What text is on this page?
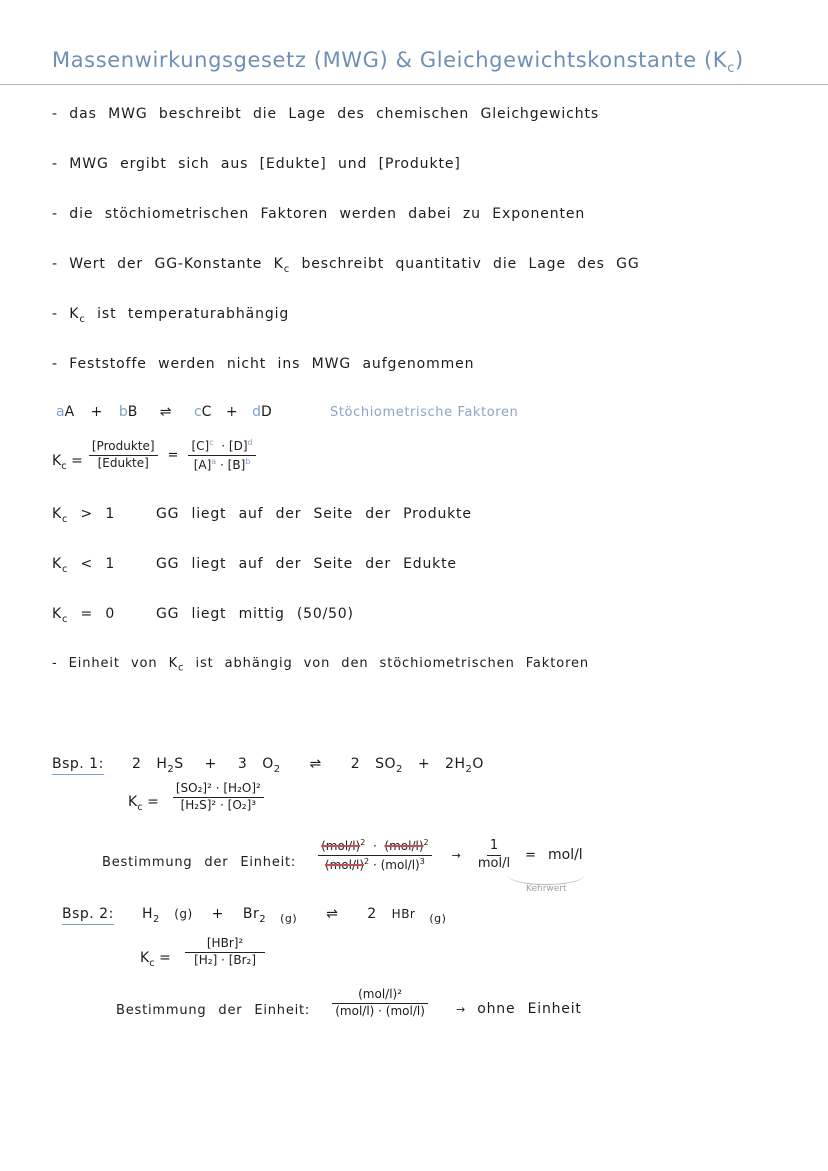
Massenwirkungsgesetz (MWG) & Gleichgewichtskonstante $(K_c)$
- das MWG beschreibt die Lage des chemischen Gleichgewichts
- MWG ergibt sich aus [Edukte] und [Produkte]
- die stöchiometrischen Faktoren werden dabei zu Exponenten
- Wert der GG-Konstante $K_c$ beschreibt quantitativ die Lage des GG
- $K_c$ ist temperaturabhängig
- Feststoffe werden nicht ins MWG aufgenommen
aA + bB ⇌ cC + dD	Stöchiometrische Faktoren
$K_c = \frac{\text{[Produkte]}}{\text{[Edukte]}} = \frac{[C]^c \cdot [D]^d}{[A]^a \cdot [B]^b}$
$K_c > 1$	GG liegt auf der Seite der Produkte
$K_c < 1$	GG liegt auf der Seite der Edukte
$K_c = 0$	GG liegt mittig (50/50)
- Einheit von $K_c$ ist abhängig von den stöchiometrischen Faktoren
Bsp. 1: 2 $H_2S + 3$ $O_2$ ⇌ 2 $SO_2 + 2H_2O$
$K_c = \frac{\text{[SO₂]² · [H₂O]²}}{\text{[H₂S]² · [O₂]³}}$
Bestimmung der Einheit: $\frac{(mol/l)^2 \cdot (mol/l)^2}{(mol/l)^2 \cdot (mol/l)^3} \to \frac{1}{\text{mol/l}} = mol/l$
Kehrwert
Bsp. 2: $H_2$ $(g) + Br_2$ $_{(g)}$ ⇌ 2 HBr $_{(g)}$
$K_c = \frac{\text{[HBr]²}}{\text{[H₂] · [Br₂]}}$
Bestimmung der Einheit: $\frac{\text{(mol/l)²}}{\text{(mol/l) · (mol/l)}}$	→ ohne Einheit
